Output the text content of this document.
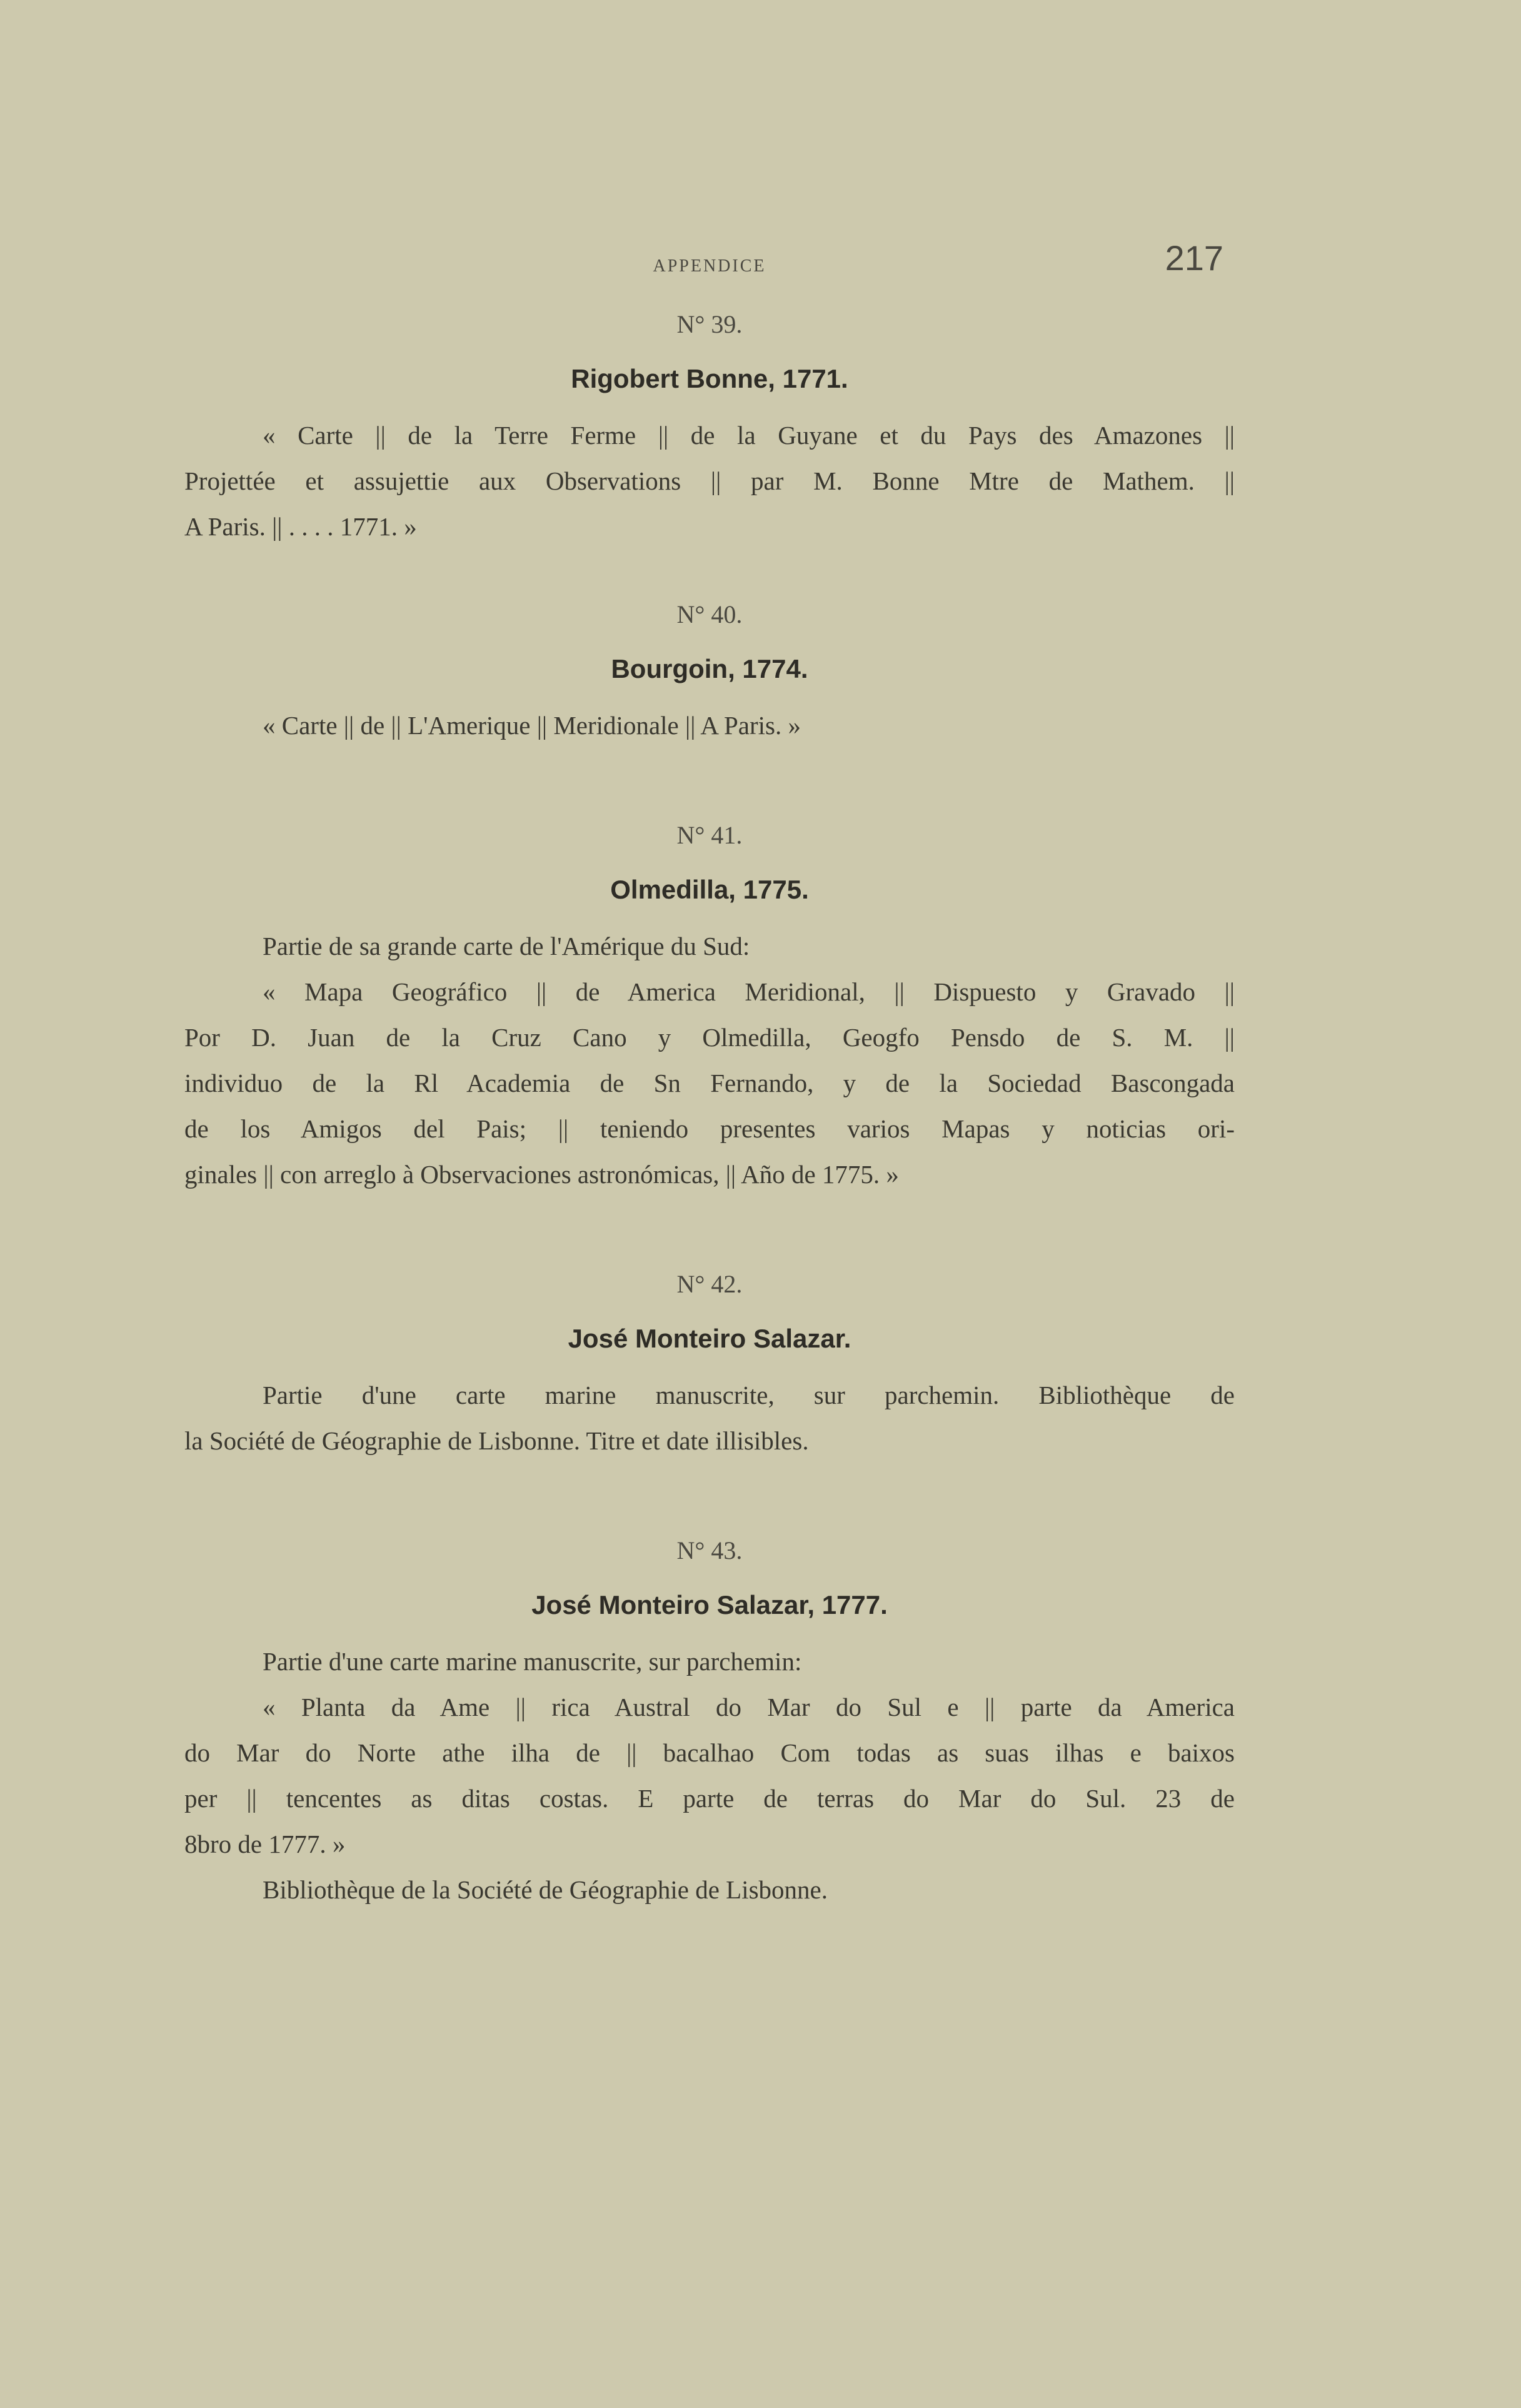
APPENDICE	217
N° 39.
Rigobert Bonne, 1771.
« Carte || de la Terre Ferme || de la Guyane et du Pays des Amazones ||
Projettée et assujettie aux Observations || par M. Bonne Mtre de Mathem. ||
A Paris. || . . . . 1771. »
N° 40.
Bourgoin, 1774.
« Carte || de || L'Amerique || Meridionale || A Paris. »
N° 41.
Olmedilla, 1775.
Partie de sa grande carte de l'Amérique du Sud:
« Mapa Geográfico || de America Meridional, || Dispuesto y Gravado ||
Por D. Juan de la Cruz Cano y Olmedilla, Geogfo Pensdo de S. M. ||
individuo de la Rl Academia de Sn Fernando, y de la Sociedad Bascongada
de los Amigos del Pais; || teniendo presentes varios Mapas y noticias ori-
ginales || con arreglo à Observaciones astronómicas, || Año de 1775. »
N° 42.
José Monteiro Salazar.
Partie d'une carte marine manuscrite, sur parchemin. Bibliothèque de
la Société de Géographie de Lisbonne. Titre et date illisibles.
N° 43.
José Monteiro Salazar, 1777.
Partie d'une carte marine manuscrite, sur parchemin:
« Planta da Ame || rica Austral do Mar do Sul e || parte da America
do Mar do Norte athe ilha de || bacalhao Com todas as suas ilhas e baixos
per || tencentes as ditas costas. E parte de terras do Mar do Sul. 23 de
8bro de 1777. »
Bibliothèque de la Société de Géographie de Lisbonne.
